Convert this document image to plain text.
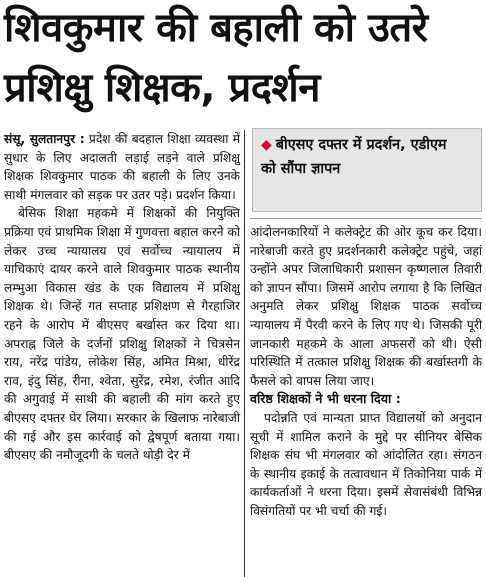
शिवकुमार की बहाली को उतरे
प्रशिक्षु शिक्षक, प्रदर्शन

संसू, सुलतानपुर : प्रदेश की बदहाल शिक्षा व्यवस्था में सुधार के लिए अदालती लड़ाई लड़ने वाले प्रशिक्षु शिक्षक शिवकुमार पाठक की बहाली के लिए उनके साथी मंगलवार को सड़क पर उतर पड़े। प्रदर्शन किया।

बेसिक शिक्षा महकमे में शिक्षकों की नियुक्ति प्रक्रिया एवं प्राथमिक शिक्षा में गुणवत्ता बहाल करने को लेकर उच्च न्यायालय एवं सर्वोच्च न्यायालय में याचिकाएं दायर करने वाले शिवकुमार पाठक स्थानीय लम्भुआ विकास खंड के एक विद्यालय में प्रशिक्षु शिक्षक थे। जिन्हें गत सप्ताह प्रशिक्षण से गैरहाजिर रहने के आरोप में बीएसए बर्खास्त कर दिया था। अपराह्न जिले के दर्जनों प्रशिक्षु शिक्षकों ने चित्रसेन राय, नरेंद्र पांडेय, लोकेश सिंह, अमित मिश्रा, धीरेंद्र राव, इंदु सिंह, रीना, श्वेता, सुरेंद्र, रमेश, रंजीत आदि की अगुवाई में साथी की बहाली की मांग करते हुए बीएसए दफ्तर घेर लिया। सरकार के खिलाफ नारेबाजी की गई और इस कार्रवाई को द्वेषपूर्ण बताया गया। बीएसए की नमौजूदगी के चलते थोड़ी देर में

◆ बीएसए दफ्तर में प्रदर्शन, एडीएम
को सौंपा ज्ञापन

आंदोलनकारियों ने कलेक्ट्रेट की ओर कूच कर दिया। नारेबाजी करते हुए प्रदर्शनकारी कलेक्ट्रेट पहुंचे, जहां उन्होंने अपर जिलाधिकारी प्रशासन कृष्णलाल तिवारी को ज्ञापन सौंपा। जिसमें आरोप लगाया है कि लिखित अनुमति लेकर प्रशिक्षु शिक्षक पाठक सर्वोच्च न्यायालय में पैरवी करने के लिए गए थे। जिसकी पूरी जानकारी महकमे के आला अफसरों को थी। ऐसी परिस्थिति में तत्काल प्रशिक्षु शिक्षक की बर्खास्तगी के फैसले को वापस लिया जाए।

वरिष्ठ शिक्षकों ने भी धरना दिया :

पदोन्नति एवं मान्यता प्राप्त विद्यालयों को अनुदान सूची में शामिल कराने के मुद्दे पर सीनियर बेसिक शिक्षक संघ भी मंगलवार को आंदोलित रहा। संगठन के स्थानीय इकाई के तत्वावधान में तिकोनिया पार्क में कार्यकर्ताओं ने धरना दिया। इसमें सेवासंबंधी विभिन्न विसंगतियों पर भी चर्चा की गई।
